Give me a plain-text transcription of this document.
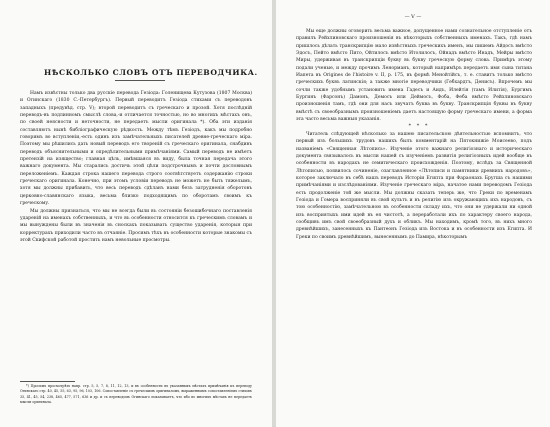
НѢСКОЛЬКО СЛОВЪ ОТЪ ПЕРЕВОДЧИКА.

Намъ извѣстны только два русскіе перевода Гезіода: Голенищева Кутузова (1807 Москва) и Огинскаго (1830 С.-Петербургъ). Первый переводитъ Гезіода стихами съ переводовъ западныхъ (предувѣд. стр. V); второй переводитъ съ греческаго и прозой. Хотя послѣдній переводъ-въ подлинномъ смыслѣ слова,-и отличается точностью, но во многихъ мѣстахъ онъ, по своей неясности и неточности, не передаетъ мысли оригинала *). Оба эти изданія составляютъ нынѣ библіографическую рѣдкость. Между тѣмъ Гезіодъ, какъ мы подробно говоримъ во вступленіи,-есть одинъ изъ замѣчательныхъ писателей древне-греческаго міра. Поэтому мы рѣшились дать новый переводъ его твореній съ греческаго оригинала, снабдивъ переводъ объяснительными и опредѣлительными примѣчаніями. Самый переводъ не имѣетъ претензій на изящество; главная цѣль, имѣвшаяся въ виду, была точная передача этого важнаго документа. Мы старались достичь этой цѣли подстрочнымъ и почти дословнымъ переложеніемъ. Каждая строка нашего перевода строго соотвѣтствуетъ содержанію строки греческаго оригинала. Конечно, при этомъ условіи переводъ не можетъ не быть тяжелымъ, хотя мы должны прибавить, что весь переводъ сдѣланъ нами безъ затрудненія оборотовъ церковно-славянскаго языка, весьма близко подходящимъ по оборотамъ своимъ къ греческому.

Мы должны признаться, что мы не всегда были въ состояніи безошибочнаго поставленія удареній на именахъ собственныхъ, и что въ особенности относится къ греческимъ словамъ и мы вынуждены были въ значенія въ сноскахъ показывать существо ударенія, которыя при корректурахъ приходили часто въ отчаяніе. Просимъ тѣхъ въ особенности которые знакомы съ этой Скифской работой простить намъ невольные просмотры.

*) Просимъ просмотрѣть напр. стр. 5, 5, 7, 8, 11, 12, 13, и въ особенности въ указанныхъ мѣстахъ примѣчанія къ переводу Огинскаго стр. 40, 45, 55, 63, 95, 96, 103, 106. Сопоставленіе съ греческимъ оригиналомъ, выраженнымъ сопоставленіемъ стиховъ 35, 41, 45, 54, 238, 465, 477, 571, 636 и др. и съ переводомъ Огинскаго показываетъ, что ибо во многихъ мѣстахъ не передаетъ мысли оригинала.

— V —

Мы еще должны оговорить весьма важное, допущенное нами сознательное отступленіе отъ правилъ Рейхлиновскаго произношенія въ нѣкоторыхъ собственныхъ именахъ. Такъ, гдѣ намъ пришлось дѣлать транскрипцію мало извѣстныхъ греческихъ именъ, мы пишемъ Айдосъ вмѣсто Эдосъ, Пейто вмѣсто Пито, Ойтилосъ вмѣсто Итолилосъ, Ойнадъ вмѣсто Инадъ, Мейры вмѣсто Миры, удерживая въ транскрипціи букву въ букву греческую форму слова. Примѣръ этому подали ученые, и между прочимъ Ленорманъ, который напримѣръ передаетъ имя сына титана Иапета въ Origines de l'histoire v. II, p. 175, въ формѣ Менойтійсъ, т. е. ставитъ только вмѣсто греческихъ буквъ латинскія; а также многіе переводчики (Гебхардтъ, Денисъ). Впрочемъ мы сочли также удобнымъ установить имена Гадесъ и Аидъ, Илейтія (тамъ Илитія), Бургимъ Бургинъ (Фарсонъ) Дамонъ, Демосъ или Деймосъ, Фоба, Феба вмѣсто Рейхлиновскаго произношенія тамъ, гдѣ они для насъ звучатъ буква въ букву. Транскрипція буквы въ букву вмѣстѣ съ своеобразнымъ произношеніемъ даетъ настоящую форму греческаго имени, а форма эта часто весьма важныя указанія.

* * *

Читатель слѣдующей нѣсколько за нашею писательскою дѣятельностью вспомнитъ, что первый изъ большихъ трудовъ нашихъ былъ комментарій на Пятокнижіе Моисеево, подъ названіемъ «Священная Лѣтопись». Изученіе этого важнаго религіознаго и историческаго документа связывалось въ мысли нашей съ изученіемъ развитія религіозныхъ идей вообще въ особенности въ народахъ не семитическаго происхожденія. Поэтому, вслѣдъ за Священной Лѣтописью, появилось сочиненіе, озаглавленное «Лѣтописи и памятники древнихъ народовъ», которое заключало въ себѣ нашъ переводъ Исторіи Египта при Фараонахъ Бругша съ нашими примѣчаніями и изслѣдованіями. Изученіе греческаго міра, начатое нами переводомъ Гезіода есть продолженіе той же мысли. Мы должны сказать теперь же, что Греки по временамъ Гезіода и Гомера восприняли въ свой культъ и въ религію изъ окружающихъ ихъ народовъ, съ тою особенностію, замѣчательною въ особенности складу ихъ, что они не удержали ни одной изъ восприятыхъ ими идей въ ея чистотѣ, а переработали ихъ по характеру своего народа, сообщивъ имъ свой своеобразный духъ и обликъ. Мы находимъ, кромѣ того, въ нихъ много древнѣйшихъ, занесенныхъ къ Пантеонъ Гезіода изъ Востока и въ особенности изъ Египта. И Греки по своимъ древнѣйшимъ, вынесеннымъ до Памира, нѣкоторымъ
